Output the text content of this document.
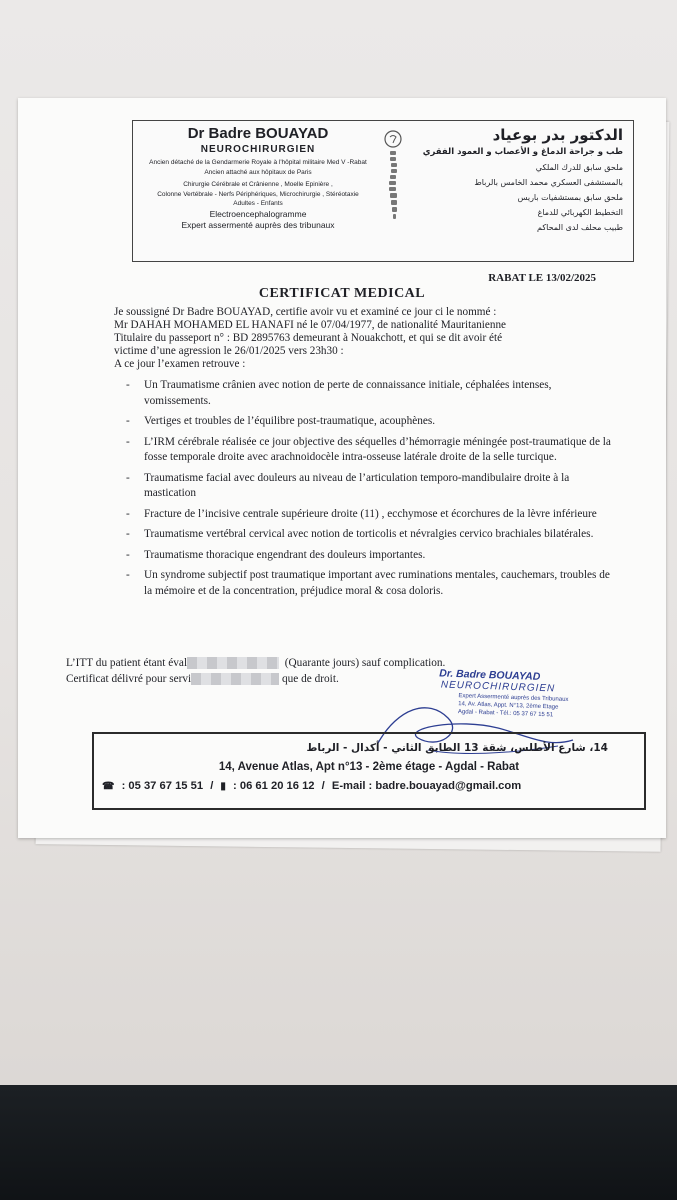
Dr Badre BOUAYAD

NEUROCHIRURGIEN

Ancien détaché de la Gendarmerie Royale à l'hôpital militaire Med V -Rabat

Ancien attaché aux hôpitaux de Paris

Chirurgie Cérébrale et Crânienne , Moelle Epinière ,

Colonne Vertébrale - Nerfs Périphériques, Microchirurgie , Stéréotaxie

Adultes - Enfants

Electroencephalogramme

Expert assermenté auprès des tribunaux

الدكتور بدر بوعياد

طب و جراحة الدماغ و الأعصاب و العمود الفقري

ملحق سابق للدرك الملكي

بالمستشفى العسكري محمد الخامس بالرباط

ملحق سابق بمستشفيات باريس

التخطيط الكهربائي للدماغ

طبيب محلف لدى المحاكم

RABAT LE 13/02/2025
CERTIFICAT MEDICAL

Je soussigné Dr Badre BOUAYAD, certifie avoir vu et examiné ce jour ci le nommé :

Mr DAHAH MOHAMED EL HANAFI né le 07/04/1977, de nationalité Mauritanienne

Titulaire du passeport n° : BD 2895763 demeurant à Nouakchott, et qui se dit avoir été

victime d’une agression le 26/01/2025 vers 23h30 :

A ce jour l’examen retrouve :

- Un Traumatisme crânien avec notion de perte de connaissance initiale, céphalées intenses, vomissements.
- Vertiges et troubles de l’équilibre post-traumatique, acouphènes.
- L’IRM cérébrale réalisée ce jour objective des séquelles d’hémorragie méningée post-traumatique de la fosse temporale droite avec arachnoidocèle intra-osseuse latérale droite de la selle turcique.
- Traumatisme facial avec douleurs au niveau de l’articulation temporo-mandibulaire droite à la mastication
- Fracture de l’incisive centrale supérieure droite (11) , ecchymose et écorchures de la lèvre inférieure
- Traumatisme vertébral cervical avec notion de torticolis et névralgies cervico brachiales bilatérales.
- Traumatisme thoracique engendrant des douleurs importantes.
- Un syndrome subjectif post traumatique important avec ruminations mentales, cauchemars, troubles de la mémoire et de la concentration, préjudice moral & cosa doloris.

L’ITT du patient étant éval	(Quarante jours) sauf complication.

Certificat délivré pour servi	que de droit.	Dr. Badre BOUAYAD

NEUROCHIRURGIEN

Expert Assermenté auprès des Tribunaux

14, Av. Atlas, Appt. N°13, 2ème Etage

Agdal - Rabat - Tél.: 05 37 67 15 51

14، شارع الأطلس، شقة 13 الطابق الثاني - أكدال - الرباط
14, Avenue Atlas, Apt n°13 - 2ème étage - Agdal - Rabat
☎ : 05 37 67 15 51 / ▮ : 06 61 20 16 12 / E-mail : badre.bouayad@gmail.com
